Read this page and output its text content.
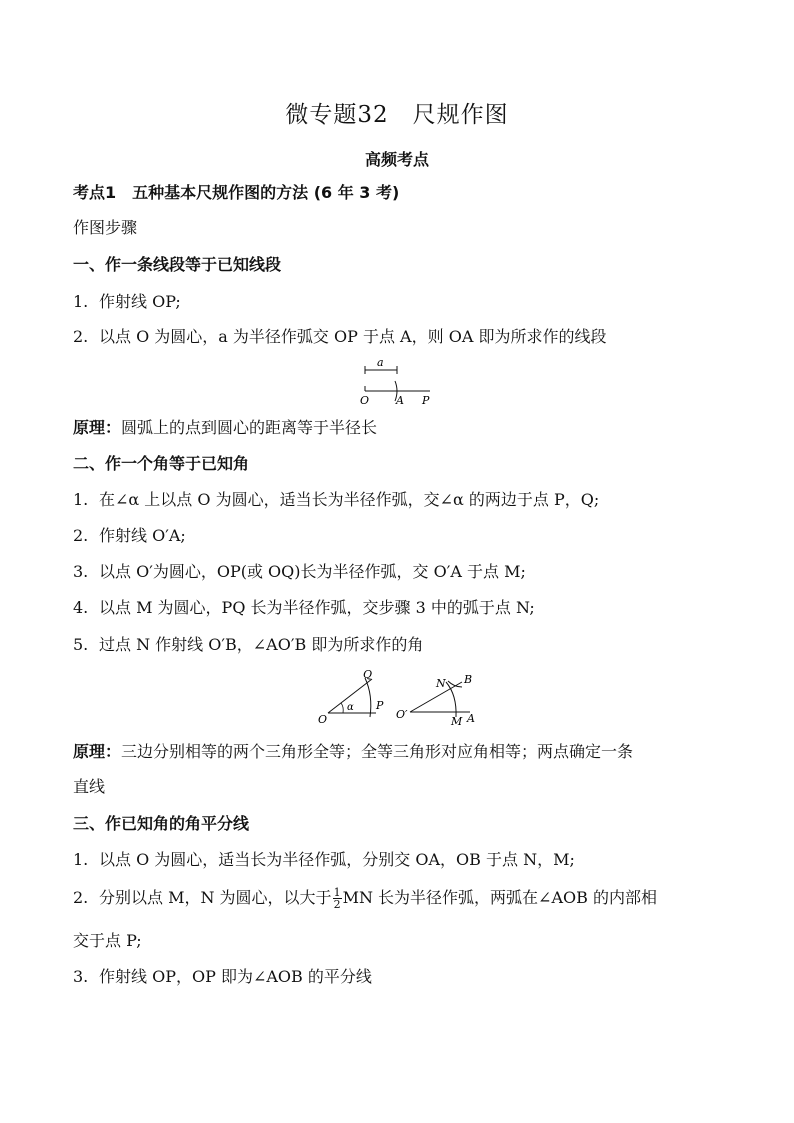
微专题32　尺规作图
高频考点
考点1　五种基本尺规作图的方法 (6 年 3 考)
作图步骤
一、作一条线段等于已知线段
1. 作射线 OP;
2. 以点 O 为圆心，a 为半径作弧交 OP 于点 A，则 OA 即为所求作的线段
a
O A P
原理：圆弧上的点到圆心的距离等于半径长
二、作一个角等于已知角
1. 在∠α 上以点 O 为圆心，适当长为半径作弧，交∠α 的两边于点 P，Q;
2. 作射线 O′A;
3. 以点 O′为圆心，OP(或 OQ)长为半径作弧，交 O′A 于点 M;
4. 以点 M 为圆心，PQ 长为半径作弧，交步骤 3 中的弧于点 N;
5. 过点 N 作射线 O′B，∠AO′B 即为所求作的角
Q
α
O
P
N B
O′
M A
原理：三边分别相等的两个三角形全等；全等三角形对应角相等；两点确定一条
直线
三、作已知角的角平分线
1. 以点 O 为圆心，适当长为半径作弧，分别交 OA，OB 于点 N，M;
2. 分别以点 M，N 为圆心，以大于 $\frac{1}{2}$ MN 长为半径作弧，两弧在∠AOB 的内部相
交于点 P;
3. 作射线 OP，OP 即为∠AOB 的平分线
